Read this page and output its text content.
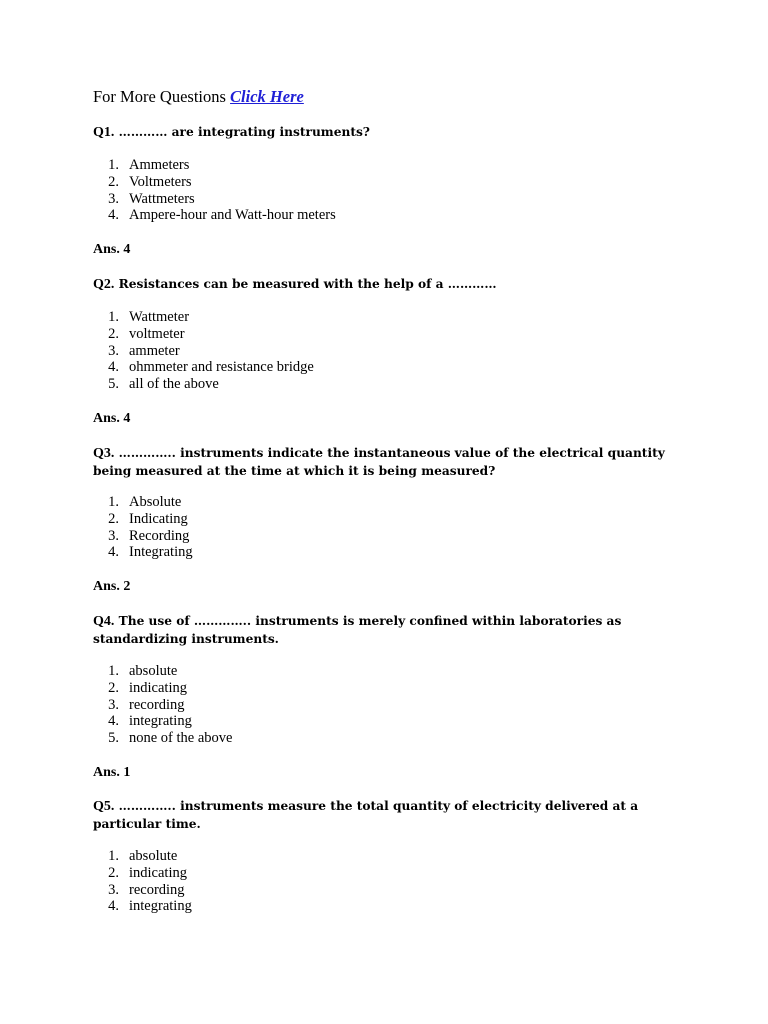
For More Questions Click Here
Q1. ………… are integrating instruments?
1. Ammeters
2. Voltmeters
3. Wattmeters
4. Ampere-hour and Watt-hour meters
Ans. 4
Q2. Resistances can be measured with the help of a …………
1. Wattmeter
2. voltmeter
3. ammeter
4. ohmmeter and resistance bridge
5. all of the above
Ans. 4
Q3. ………….. instruments indicate the instantaneous value of the electrical quantity being measured at the time at which it is being measured?
1. Absolute
2. Indicating
3. Recording
4. Integrating
Ans. 2
Q4. The use of ………….. instruments is merely confined within laboratories as standardizing instruments.
1. absolute
2. indicating
3. recording
4. integrating
5. none of the above
Ans. 1
Q5. ………….. instruments measure the total quantity of electricity delivered at a particular time.
1. absolute
2. indicating
3. recording
4. integrating
